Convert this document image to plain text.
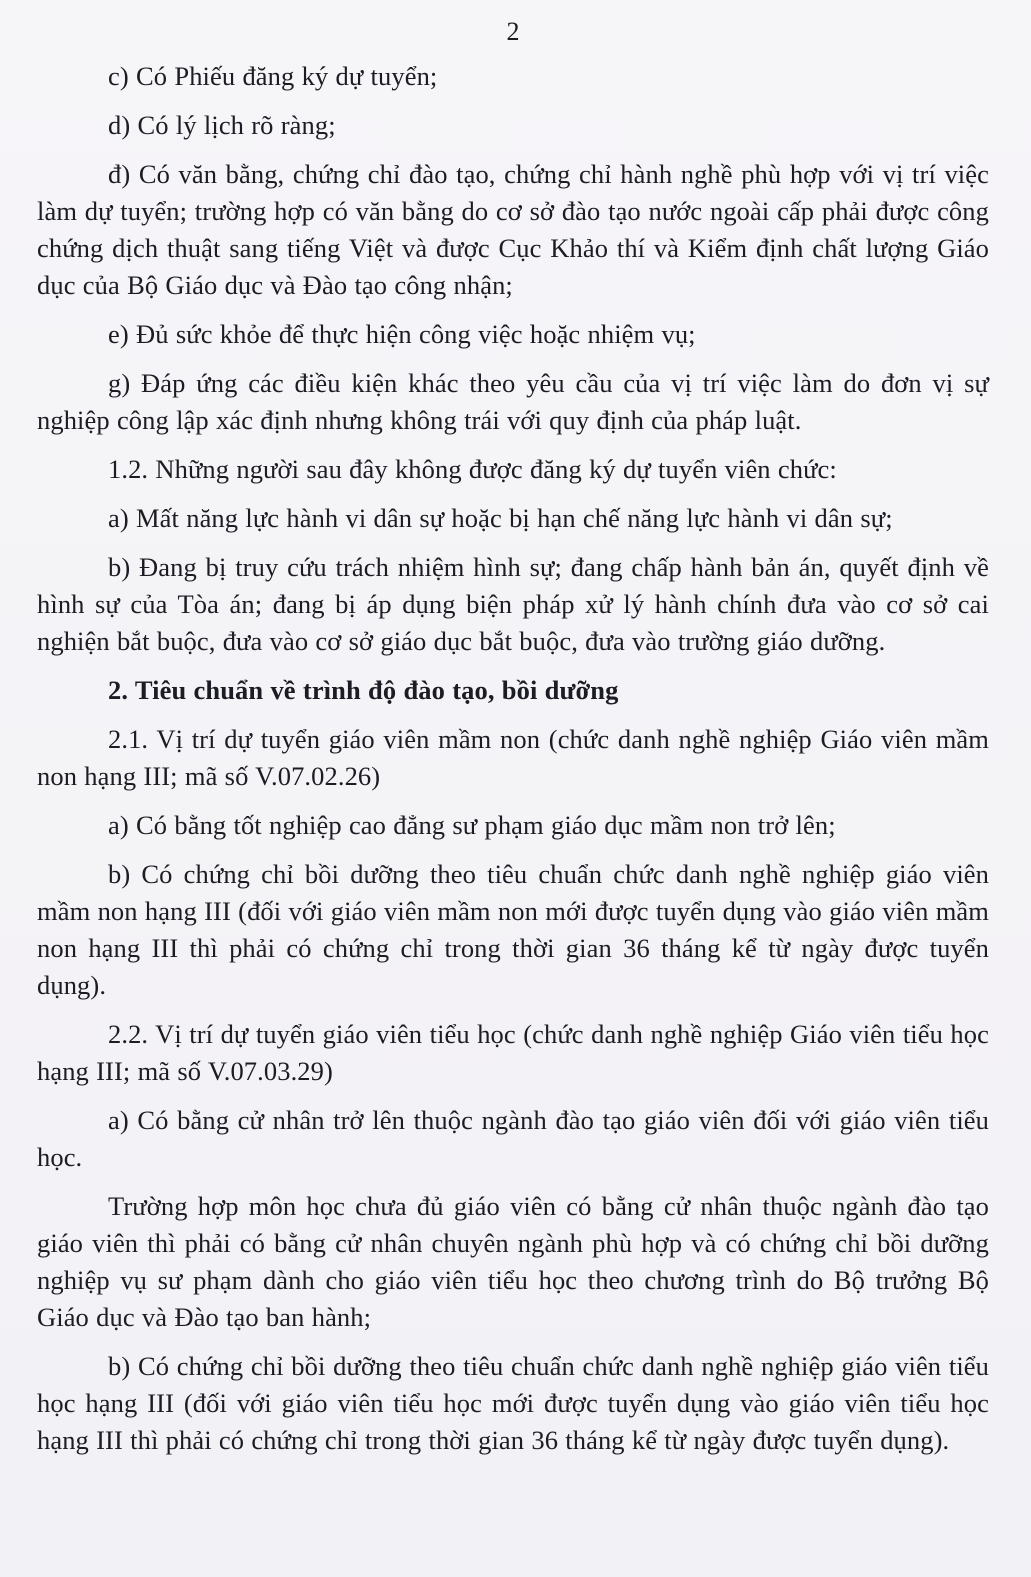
2

c) Có Phiếu đăng ký dự tuyển;

d) Có lý lịch rõ ràng;

đ) Có văn bằng, chứng chỉ đào tạo, chứng chỉ hành nghề phù hợp với vị trí việc làm dự tuyển; trường hợp có văn bằng do cơ sở đào tạo nước ngoài cấp phải được công chứng dịch thuật sang tiếng Việt và được Cục Khảo thí và Kiểm định chất lượng Giáo dục của Bộ Giáo dục và Đào tạo công nhận;

e) Đủ sức khỏe để thực hiện công việc hoặc nhiệm vụ;

g) Đáp ứng các điều kiện khác theo yêu cầu của vị trí việc làm do đơn vị sự nghiệp công lập xác định nhưng không trái với quy định của pháp luật.

1.2. Những người sau đây không được đăng ký dự tuyển viên chức:

a) Mất năng lực hành vi dân sự hoặc bị hạn chế năng lực hành vi dân sự;

b) Đang bị truy cứu trách nhiệm hình sự; đang chấp hành bản án, quyết định về hình sự của Tòa án; đang bị áp dụng biện pháp xử lý hành chính đưa vào cơ sở cai nghiện bắt buộc, đưa vào cơ sở giáo dục bắt buộc, đưa vào trường giáo dưỡng.

2. Tiêu chuẩn về trình độ đào tạo, bồi dưỡng

2.1. Vị trí dự tuyển giáo viên mầm non (chức danh nghề nghiệp Giáo viên mầm non hạng III; mã số V.07.02.26)

a) Có bằng tốt nghiệp cao đẳng sư phạm giáo dục mầm non trở lên;

b) Có chứng chỉ bồi dưỡng theo tiêu chuẩn chức danh nghề nghiệp giáo viên mầm non hạng III (đối với giáo viên mầm non mới được tuyển dụng vào giáo viên mầm non hạng III thì phải có chứng chỉ trong thời gian 36 tháng kể từ ngày được tuyển dụng).

2.2. Vị trí dự tuyển giáo viên tiểu học (chức danh nghề nghiệp Giáo viên tiểu học hạng III; mã số V.07.03.29)

a) Có bằng cử nhân trở lên thuộc ngành đào tạo giáo viên đối với giáo viên tiểu học.

Trường hợp môn học chưa đủ giáo viên có bằng cử nhân thuộc ngành đào tạo giáo viên thì phải có bằng cử nhân chuyên ngành phù hợp và có chứng chỉ bồi dưỡng nghiệp vụ sư phạm dành cho giáo viên tiểu học theo chương trình do Bộ trưởng Bộ Giáo dục và Đào tạo ban hành;

b) Có chứng chỉ bồi dưỡng theo tiêu chuẩn chức danh nghề nghiệp giáo viên tiểu học hạng III (đối với giáo viên tiểu học mới được tuyển dụng vào giáo viên tiểu học hạng III thì phải có chứng chỉ trong thời gian 36 tháng kể từ ngày được tuyển dụng).
